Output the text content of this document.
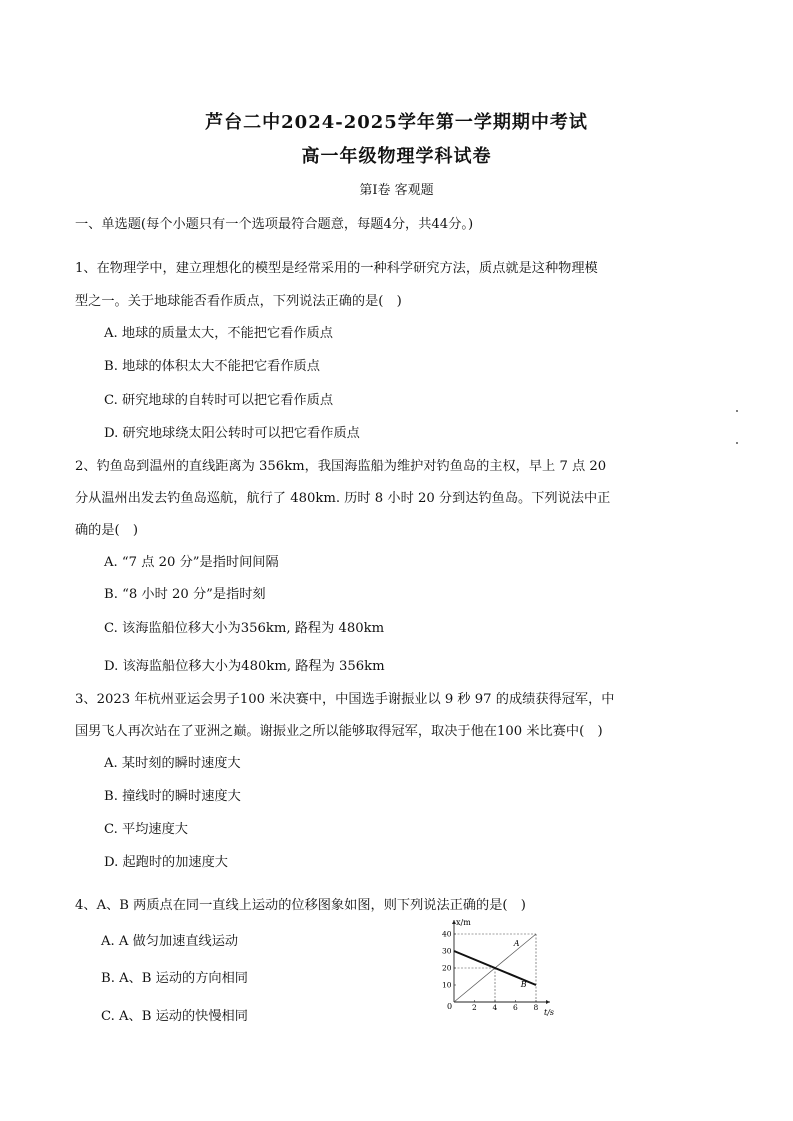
芦台二中2024-2025学年第一学期期中考试
高一年级物理学科试卷
第Ⅰ卷 客观题
一、单选题(每个小题只有一个选项最符合题意，每题4分，共44分。)
1、在物理学中，建立理想化的模型是经常采用的一种科学研究方法，质点就是这种物理模
型之一。关于地球能否看作质点，下列说法正确的是(　)
A. 地球的质量太大，不能把它看作质点
B. 地球的体积太大不能把它看作质点
C. 研究地球的自转时可以把它看作质点
D. 研究地球绕太阳公转时可以把它看作质点
2、钓鱼岛到温州的直线距离为 356km，我国海监船为维护对钓鱼岛的主权，早上 7 点 20
分从温州出发去钓鱼岛巡航，航行了 480km. 历时 8 小时 20 分到达钓鱼岛。下列说法中正
确的是(　)
A. “7 点 20 分”是指时间间隔
B. “8 小时 20 分”是指时刻
C. 该海监船位移大小为356km, 路程为 480km
D. 该海监船位移大小为480km, 路程为 356km
3、2023 年杭州亚运会男子100 米决赛中，中国选手谢振业以 9 秒 97 的成绩获得冠军，中
国男飞人再次站在了亚洲之巅。谢振业之所以能够取得冠军，取决于他在100 米比赛中(　)
A. 某时刻的瞬时速度大
B. 撞线时的瞬时速度大
C. 平均速度大
D. 起跑时的加速度大
4、A、B 两质点在同一直线上运动的位移图象如图，则下列说法正确的是(　)
A. A 做匀加速直线运动
B. A、B 运动的方向相同
C. A、B 运动的快慢相同
x/m
t/s
0	2 4 6 8
10
20
30
40
A
B
